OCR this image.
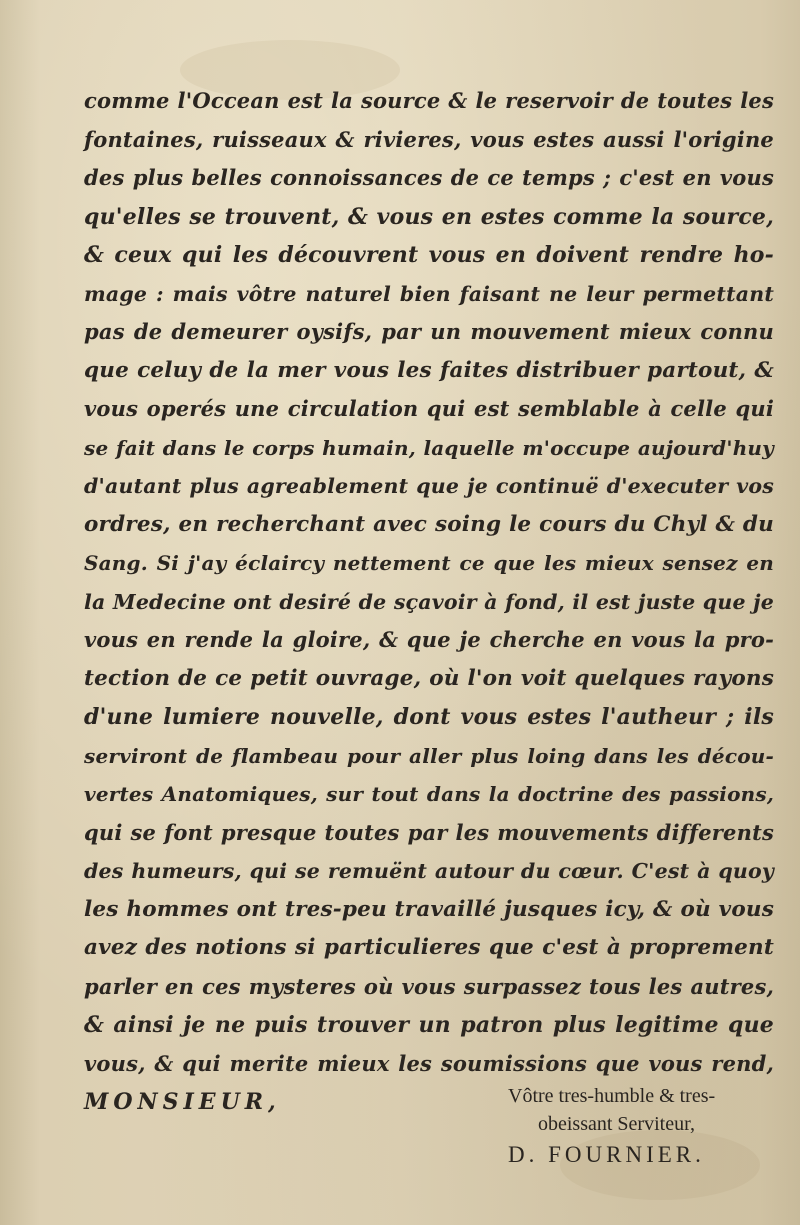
comme l'Occean est la source & le reservoir de toutes les
fontaines, ruisseaux & rivieres, vous estes aussi l'origine
des plus belles connoissances de ce temps ; c'est en vous
qu'elles se trouvent, & vous en estes comme la source,
& ceux qui les découvrent vous en doivent rendre ho-
mage : mais vôtre naturel bien faisant ne leur permettant
pas de demeurer oysifs, par un mouvement mieux connu
que celuy de la mer vous les faites distribuer partout, &
vous operés une circulation qui est semblable à celle qui
se fait dans le corps humain, laquelle m'occupe aujourd'huy
d'autant plus agreablement que je continuë d'executer vos
ordres, en recherchant avec soing le cours du Chyl & du
Sang. Si j'ay éclaircy nettement ce que les mieux sensez en
la Medecine ont desiré de sçavoir à fond, il est juste que je
vous en rende la gloire, & que je cherche en vous la pro-
tection de ce petit ouvrage, où l'on voit quelques rayons
d'une lumiere nouvelle, dont vous estes l'autheur ; ils
serviront de flambeau pour aller plus loing dans les décou-
vertes Anatomiques, sur tout dans la doctrine des passions,
qui se font presque toutes par les mouvements differents
des humeurs, qui se remuënt autour du cœur. C'est à quoy
les hommes ont tres-peu travaillé jusques icy, & où vous
avez des notions si particulieres que c'est à proprement
parler en ces mysteres où vous surpassez tous les autres,
& ainsi je ne puis trouver un patron plus legitime que
vous, & qui merite mieux les soumissions que vous rend,
MONSIEUR,	Vôtre tres-humble & tres-
obeissant Serviteur,
D. FOURNIER.
